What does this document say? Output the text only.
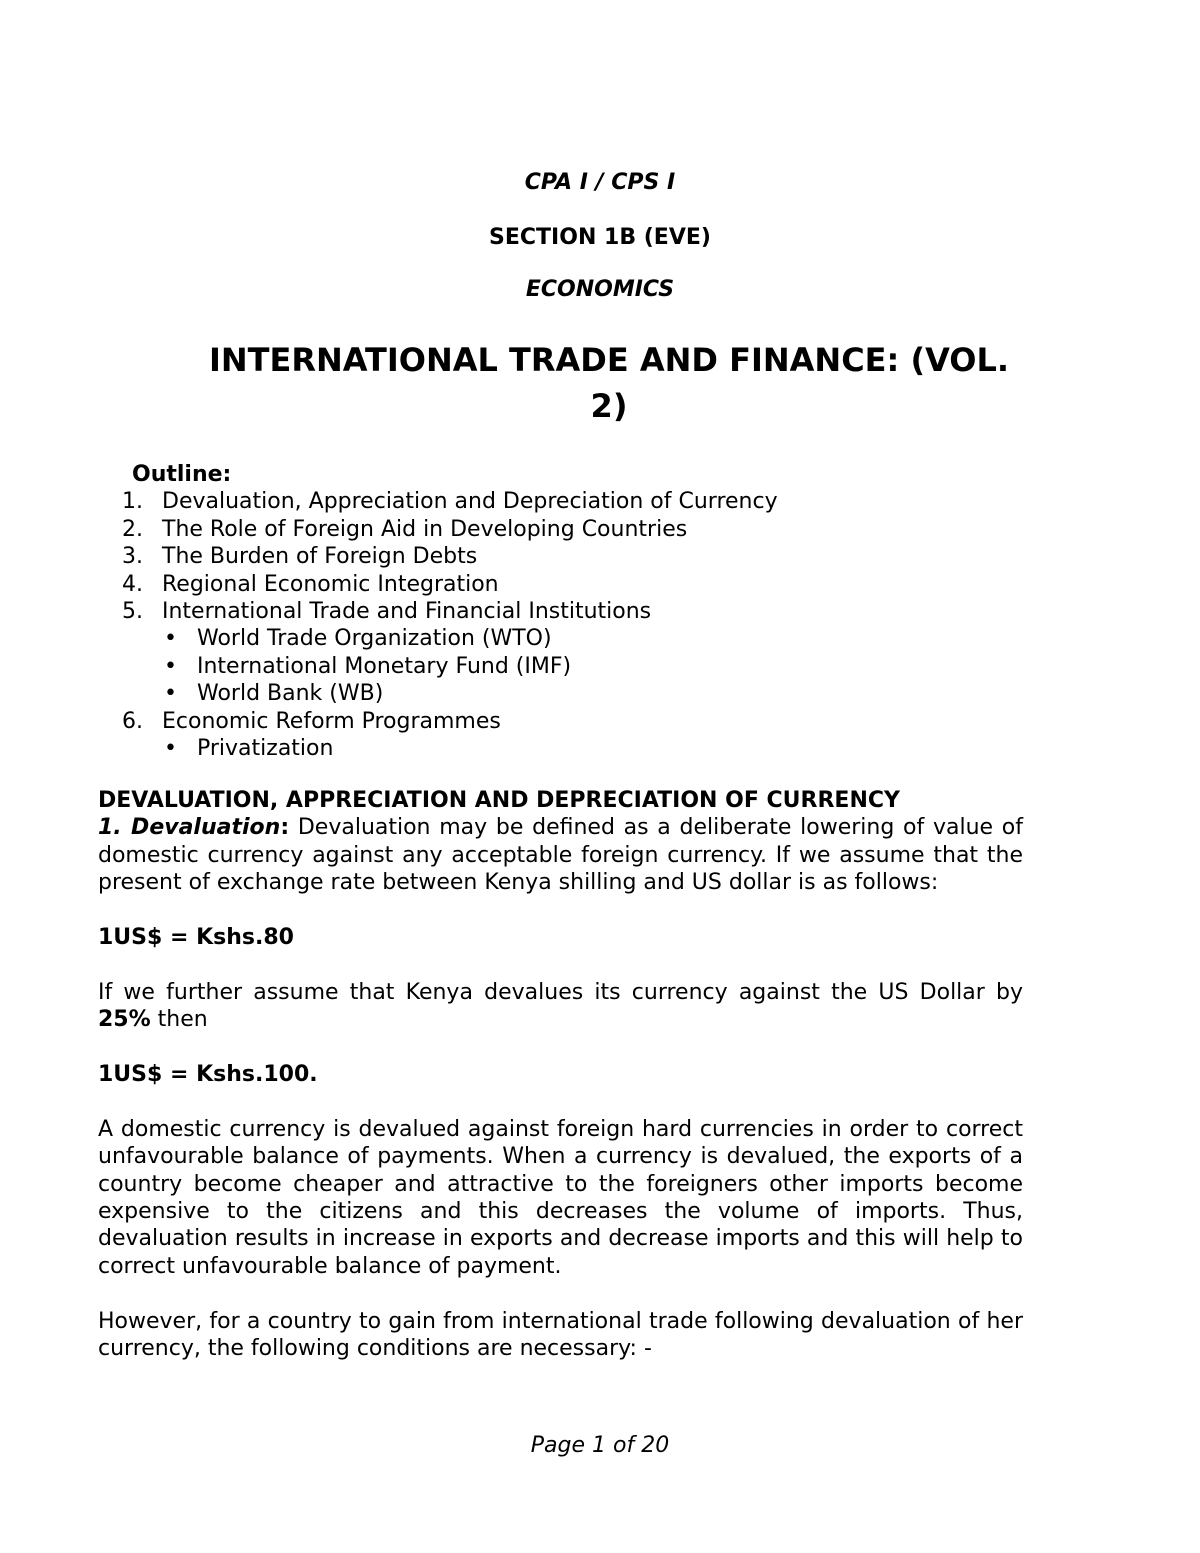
CPA I / CPS I
SECTION 1B (EVE)
ECONOMICS
INTERNATIONAL TRADE AND FINANCE: (VOL.
2)
Outline:
1. Devaluation, Appreciation and Depreciation of Currency
2. The Role of Foreign Aid in Developing Countries
3. The Burden of Foreign Debts
4. Regional Economic Integration
5. International Trade and Financial Institutions
• World Trade Organization (WTO)
• International Monetary Fund (IMF)
• World Bank (WB)
6. Economic Reform Programmes
• Privatization

DEVALUATION, APPRECIATION AND DEPRECIATION OF CURRENCY

1. Devaluation: Devaluation may be defined as a deliberate lowering of value of domestic currency against any acceptable foreign currency. If we assume that the present of exchange rate between Kenya shilling and US dollar is as follows:

1US$ = Kshs.80

If we further assume that Kenya devalues its currency against the US Dollar by 25% then

1US$ = Kshs.100.

A domestic currency is devalued against foreign hard currencies in order to correct unfavourable balance of payments. When a currency is devalued, the exports of a country become cheaper and attractive to the foreigners other imports become expensive to the citizens and this decreases the volume of imports. Thus, devaluation results in increase in exports and decrease imports and this will help to correct unfavourable balance of payment.

However, for a country to gain from international trade following devaluation of her currency, the following conditions are necessary: -

Page 1 of 20
